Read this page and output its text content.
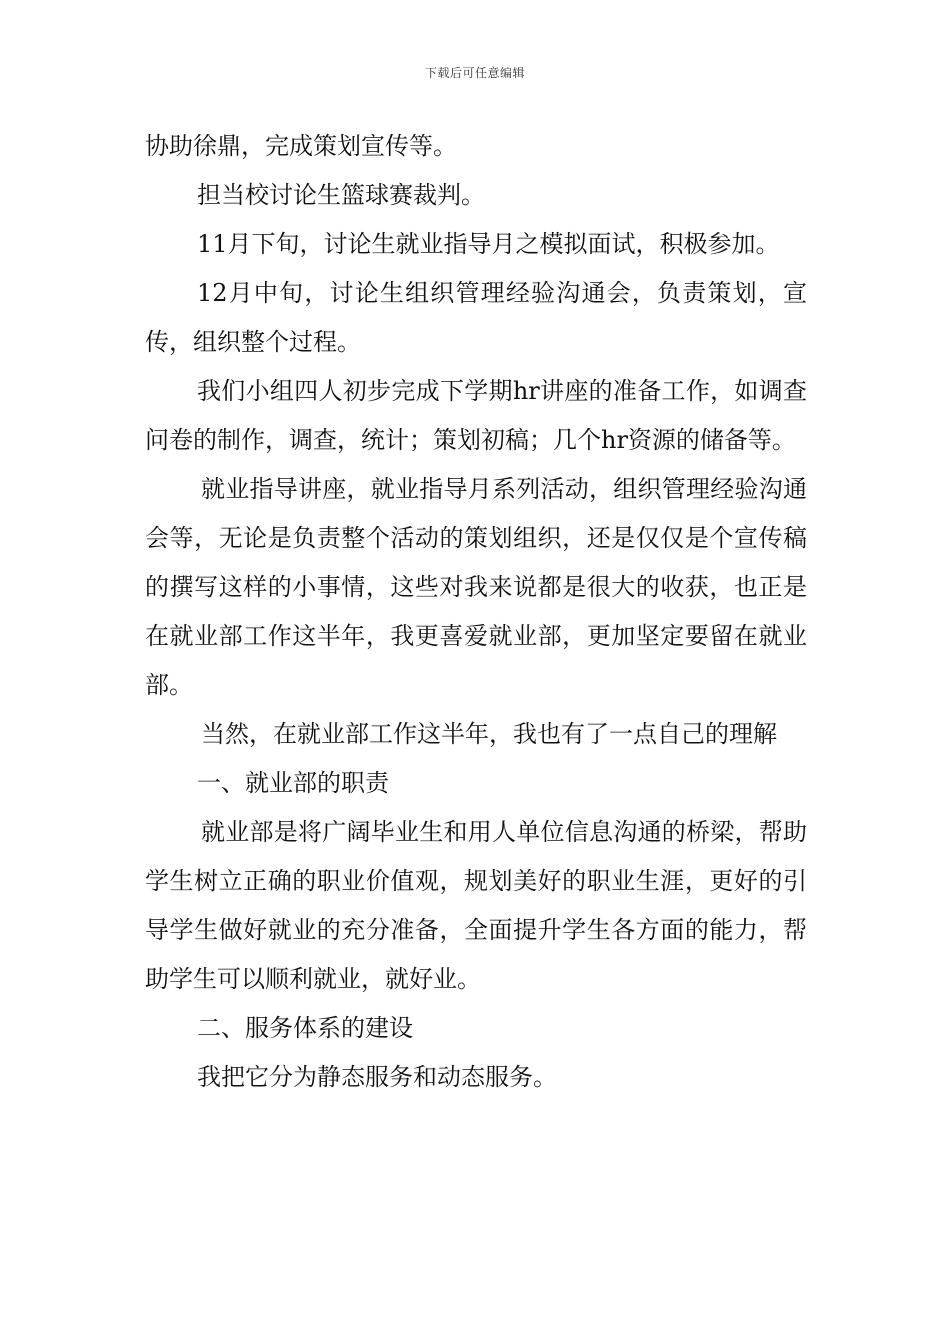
下载后可任意编辑

协助徐鼎，完成策划宣传等。

担当校讨论生篮球赛裁判。

11月下旬，讨论生就业指导月之模拟面试，积极参加。

12月中旬，讨论生组织管理经验沟通会，负责策划，宣传，组织整个过程。

我们小组四人初步完成下学期hr讲座的准备工作，如调查问卷的制作，调查，统计；策划初稿；几个hr资源的储备等。

就业指导讲座，就业指导月系列活动，组织管理经验沟通会等，无论是负责整个活动的策划组织，还是仅仅是个宣传稿的撰写这样的小事情，这些对我来说都是很大的收获，也正是在就业部工作这半年，我更喜爱就业部，更加坚定要留在就业部。

当然，在就业部工作这半年，我也有了一点自己的理解

一、就业部的职责

就业部是将广阔毕业生和用人单位信息沟通的桥梁，帮助学生树立正确的职业价值观，规划美好的职业生涯，更好的引导学生做好就业的充分准备，全面提升学生各方面的能力，帮助学生可以顺利就业，就好业。

二、服务体系的建设

我把它分为静态服务和动态服务。
